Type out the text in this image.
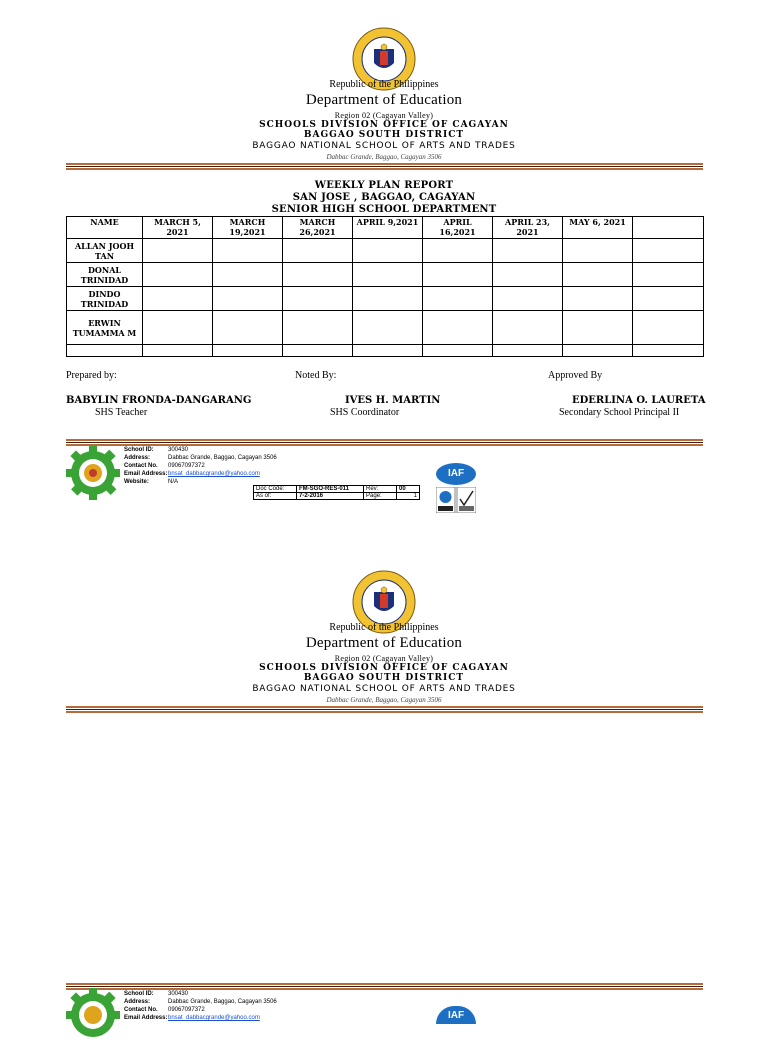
Republic of the Philippines
Department of Education
Region 02 (Cagayan Valley)
SCHOOLS DIVISION OFFICE OF CAGAYAN
BAGGAO SOUTH DISTRICT
BAGGAO NATIONAL SCHOOL OF ARTS AND TRADES
Dabbac Grande, Baggao, Cagayan 3506
WEEKLY PLAN REPORT
SAN JOSE , BAGGAO, CAGAYAN
SENIOR HIGH SCHOOL DEPARTMENT
NAME	MARCH 5, 2021	MARCH 19,2021	MARCH 26,2021	APRIL 9,2021	APRIL 16,2021	APRIL 23, 2021	MAY 6, 2021	
ALLAN JOOH TAN								
DONAL TRINIDAD								
DINDO TRINIDAD								
ERWIN TUMAMMA M								

Prepared by:	Noted By:	Approved By
BABYLIN FRONDA-DANGARANG
SHS Teacher
IVES H. MARTIN
SHS Coordinator
EDERLINA O. LAURETA
Secondary School Principal II
School ID: 300430
Address:	Dabbac Grande, Baggao, Cagayan 3506
Contact No. 09067097372
Email Address:bnsat_dabbacgrande@yahoo.com
Website:	N/A
Doc Code:	FM-SGO-RES-011	Rev:	00
As of:	7-2-2016	Page:	1
IAF
Republic of the Philippines
Department of Education
Region 02 (Cagayan Valley)
SCHOOLS DIVISION OFFICE OF CAGAYAN
BAGGAO SOUTH DISTRICT
BAGGAO NATIONAL SCHOOL OF ARTS AND TRADES
Dabbac Grande, Baggao, Cagayan 3506
School ID: 300430
Address:	Dabbac Grande, Baggao, Cagayan 3506
Contact No. 09067097372
Email Address:bnsat_dabbacgrande@yahoo.com	IAF
